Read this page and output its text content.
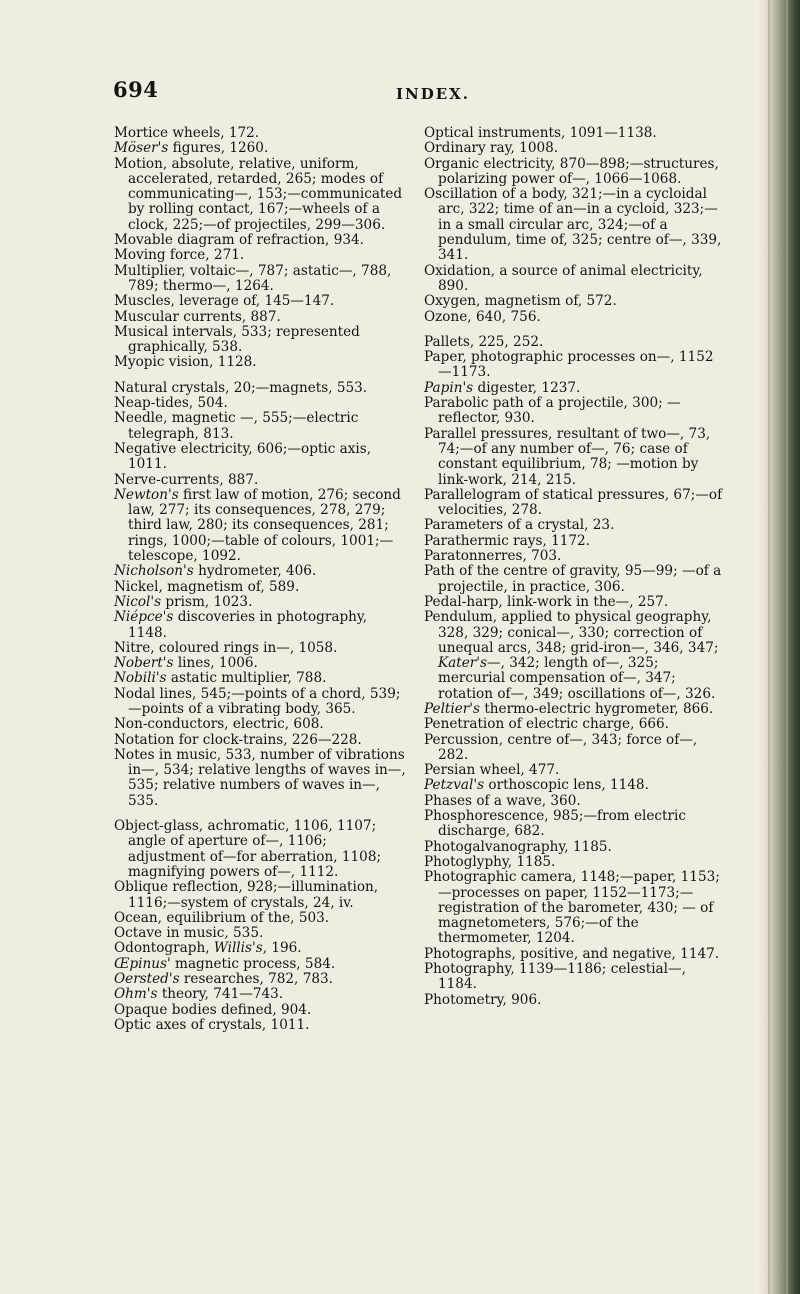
694	INDEX.

Mortice wheels, 172.

Möser's figures, 1260.

Motion, absolute, relative, uniform, accelerated, retarded, 265; modes of communicating—, 153;—communicated by rolling contact, 167;—wheels of a clock, 225;—of projectiles, 299—306.

Movable diagram of refraction, 934.

Moving force, 271.

Multiplier, voltaic—, 787; astatic—, 788, 789; thermo—, 1264.

Muscles, leverage of, 145—147.

Muscular currents, 887.

Musical intervals, 533; represented graphically, 538.

Myopic vision, 1128.

Natural crystals, 20;—magnets, 553.

Neap-tides, 504.

Needle, magnetic —, 555;—electric telegraph, 813.

Negative electricity, 606;—optic axis, 1011.

Nerve-currents, 887.

Newton's first law of motion, 276; second law, 277; its consequences, 278, 279; third law, 280; its consequences, 281; rings, 1000;—table of colours, 1001;—telescope, 1092.

Nicholson's hydrometer, 406.

Nickel, magnetism of, 589.

Nicol's prism, 1023.

Niépce's discoveries in photography, 1148.

Nitre, coloured rings in—, 1058.

Nobert's lines, 1006.

Nobili's astatic multiplier, 788.

Nodal lines, 545;—points of a chord, 539;—points of a vibrating body, 365.

Non-conductors, electric, 608.

Notation for clock-trains, 226—228.

Notes in music, 533, number of vibrations in—, 534; relative lengths of waves in—, 535; relative numbers of waves in—, 535.

Object-glass, achromatic, 1106, 1107; angle of aperture of—, 1106; adjustment of—for aberration, 1108; magnifying powers of—, 1112.

Oblique reflection, 928;—illumination, 1116;—system of crystals, 24, iv.

Ocean, equilibrium of the, 503.

Octave in music, 535.

Odontograph, Willis's, 196.

Œpinus' magnetic process, 584.

Oersted's researches, 782, 783.

Ohm's theory, 741—743.

Opaque bodies defined, 904.

Optic axes of crystals, 1011.

Optical instruments, 1091—1138.

Ordinary ray, 1008.

Organic electricity, 870—898;—structures, polarizing power of—, 1066—1068.

Oscillation of a body, 321;—in a cycloidal arc, 322; time of an—in a cycloid, 323;—in a small circular arc, 324;—of a pendulum, time of, 325; centre of—, 339, 341.

Oxidation, a source of animal electricity, 890.

Oxygen, magnetism of, 572.

Ozone, 640, 756.

Pallets, 225, 252.

Paper, photographic processes on—, 1152—1173.

Papin's digester, 1237.

Parabolic path of a projectile, 300; —reflector, 930.

Parallel pressures, resultant of two—, 73, 74;—of any number of—, 76; case of constant equilibrium, 78; —motion by link-work, 214, 215.

Parallelogram of statical pressures, 67;—of velocities, 278.

Parameters of a crystal, 23.

Parathermic rays, 1172.

Paratonnerres, 703.

Path of the centre of gravity, 95—99; —of a projectile, in practice, 306.

Pedal-harp, link-work in the—, 257.

Pendulum, applied to physical geography, 328, 329; conical—, 330; correction of unequal arcs, 348; grid-iron—, 346, 347; Kater's—, 342; length of—, 325; mercurial compensation of—, 347; rotation of—, 349; oscillations of—, 326.

Peltier's thermo-electric hygrometer, 866.

Penetration of electric charge, 666.

Percussion, centre of—, 343; force of—, 282.

Persian wheel, 477.

Petzval's orthoscopic lens, 1148.

Phases of a wave, 360.

Phosphorescence, 985;—from electric discharge, 682.

Photogalvanography, 1185.

Photoglyphy, 1185.

Photographic camera, 1148;—paper, 1153;—processes on paper, 1152—1173;—registration of the barometer, 430; — of magnetometers, 576;—of the thermometer, 1204.

Photographs, positive, and negative, 1147.

Photography, 1139—1186; celestial—, 1184.

Photometry, 906.
